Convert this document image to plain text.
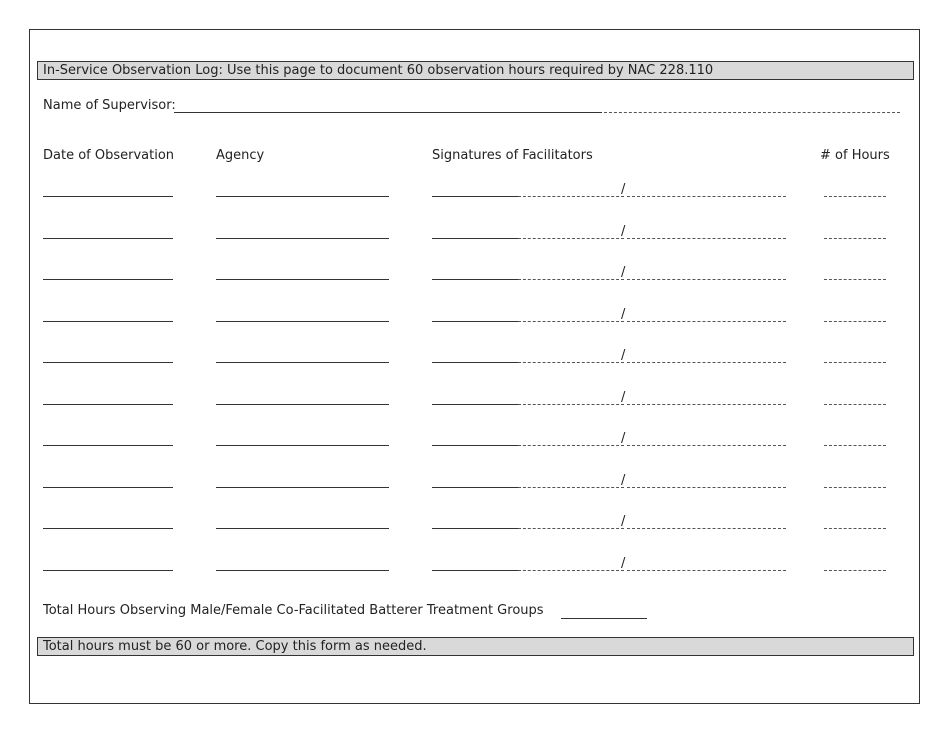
In-Service Observation Log: Use this page to document 60 observation hours required by NAC 228.110
Name of Supervisor:
Date of Observation	Agency	Signatures of Facilitators	# of Hours
/
/
/
/
/
/
/
/
/
/
Total Hours Observing Male/Female Co-Facilitated Batterer Treatment Groups
Total hours must be 60 or more. Copy this form as needed.
